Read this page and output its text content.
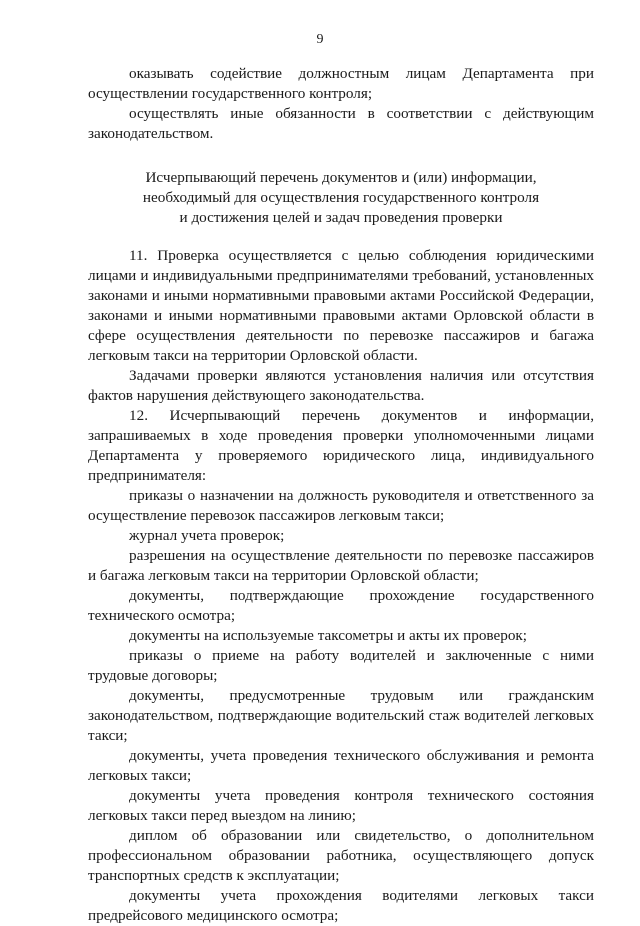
9

оказывать содействие должностным лицам Департамента при осуществлении государственного контроля;

осуществлять иные обязанности в соответствии с действующим законодательством.

Исчерпывающий перечень документов и (или) информации,
необходимый для осуществления государственного контроля
и достижения целей и задач проведения проверки

11. Проверка осуществляется с целью соблюдения юридическими лицами и индивидуальными предпринимателями требований, установленных законами и иными нормативными правовыми актами Российской Федерации, законами и иными нормативными правовыми актами Орловской области в сфере осуществления деятельности по перевозке пассажиров и багажа легковым такси на территории Орловской области.

Задачами проверки являются установления наличия или отсутствия фактов нарушения действующего законодательства.

12. Исчерпывающий перечень документов и информации, запрашиваемых в ходе проведения проверки уполномоченными лицами Департамента у проверяемого юридического лица, индивидуального предпринимателя:

приказы о назначении на должность руководителя и ответственного за осуществление перевозок пассажиров легковым такси;

журнал учета проверок;

разрешения на осуществление деятельности по перевозке пассажиров и багажа легковым такси на территории Орловской области;

документы, подтверждающие прохождение государственного технического осмотра;

документы на используемые таксометры и акты их проверок;

приказы о приеме на работу водителей и заключенные с ними трудовые договоры;

документы, предусмотренные трудовым или гражданским законодательством, подтверждающие водительский стаж водителей легковых такси;

документы, учета проведения технического обслуживания и ремонта легковых такси;

документы учета проведения контроля технического состояния легковых такси перед выездом на линию;

диплом об образовании или свидетельство, о дополнительном профессиональном образовании работника, осуществляющего допуск транспортных средств к эксплуатации;

документы учета прохождения водителями легковых такси предрейсового медицинского осмотра;
